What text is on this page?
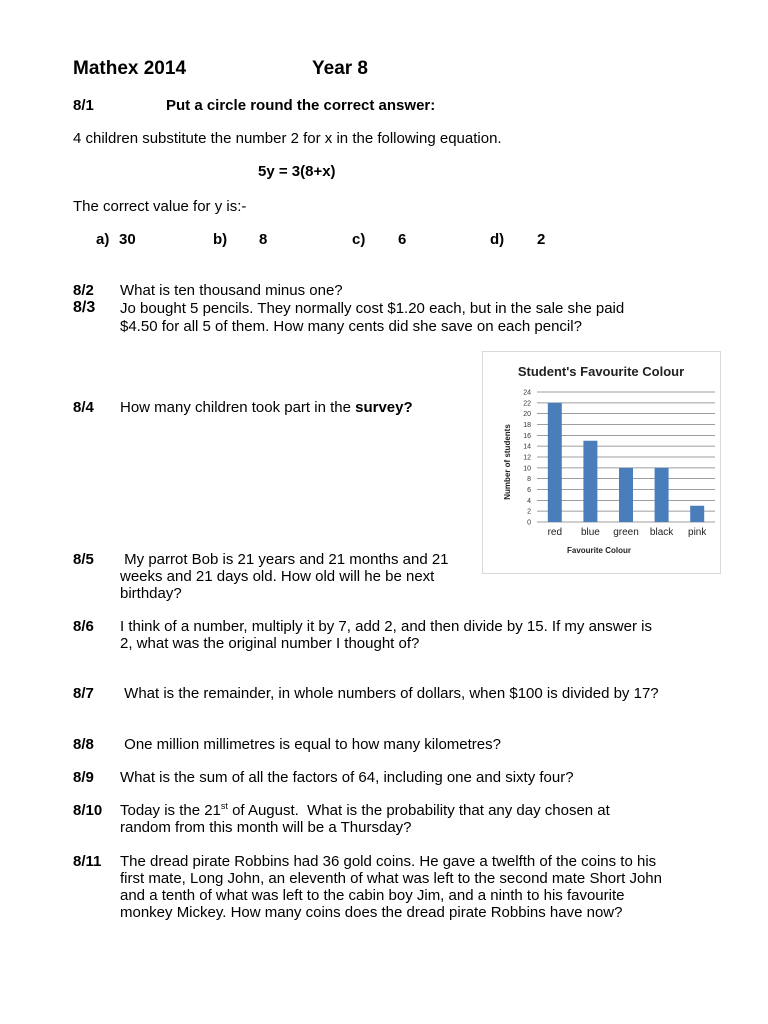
Mathex 2014	Year 8
8/1	Put a circle round the correct answer:
4 children substitute the number 2 for x in the following equation.
5y = 3(8+x)
The correct value for y is:-
a) 30	b) 8	c) 6	d) 2
8/2 What is ten thousand minus one?
8/3 Jo bought 5 pencils. They normally cost $1.20 each, but in the sale she paid
$4.50 for all 5 of them. How many cents did she save on each pencil?
Student's Favourite Colour
0
2
4
6
8
10
12
14
16
18
20
22
24
red blue green black pink
Favourite Colour
Number of students
8/4 How many children took part in the survey?
8/5 My parrot Bob is 21 years and 21 months and 21
weeks and 21 days old. How old will he be next
birthday?
8/6 I think of a number, multiply it by 7, add 2, and then divide by 15. If my answer is
2, what was the original number I thought of?
8/7 What is the remainder, in whole numbers of dollars, when $100 is divided by 17?
8/8 One million millimetres is equal to how many kilometres?
8/9 What is the sum of all the factors of 64, including one and sixty four?
8/10 Today is the 21st of August.  What is the probability that any day chosen at
random from this month will be a Thursday?
8/11 The dread pirate Robbins had 36 gold coins. He gave a twelfth of the coins to his
first mate, Long John, an eleventh of what was left to the second mate Short John
and a tenth of what was left to the cabin boy Jim, and a ninth to his favourite
monkey Mickey. How many coins does the dread pirate Robbins have now?
